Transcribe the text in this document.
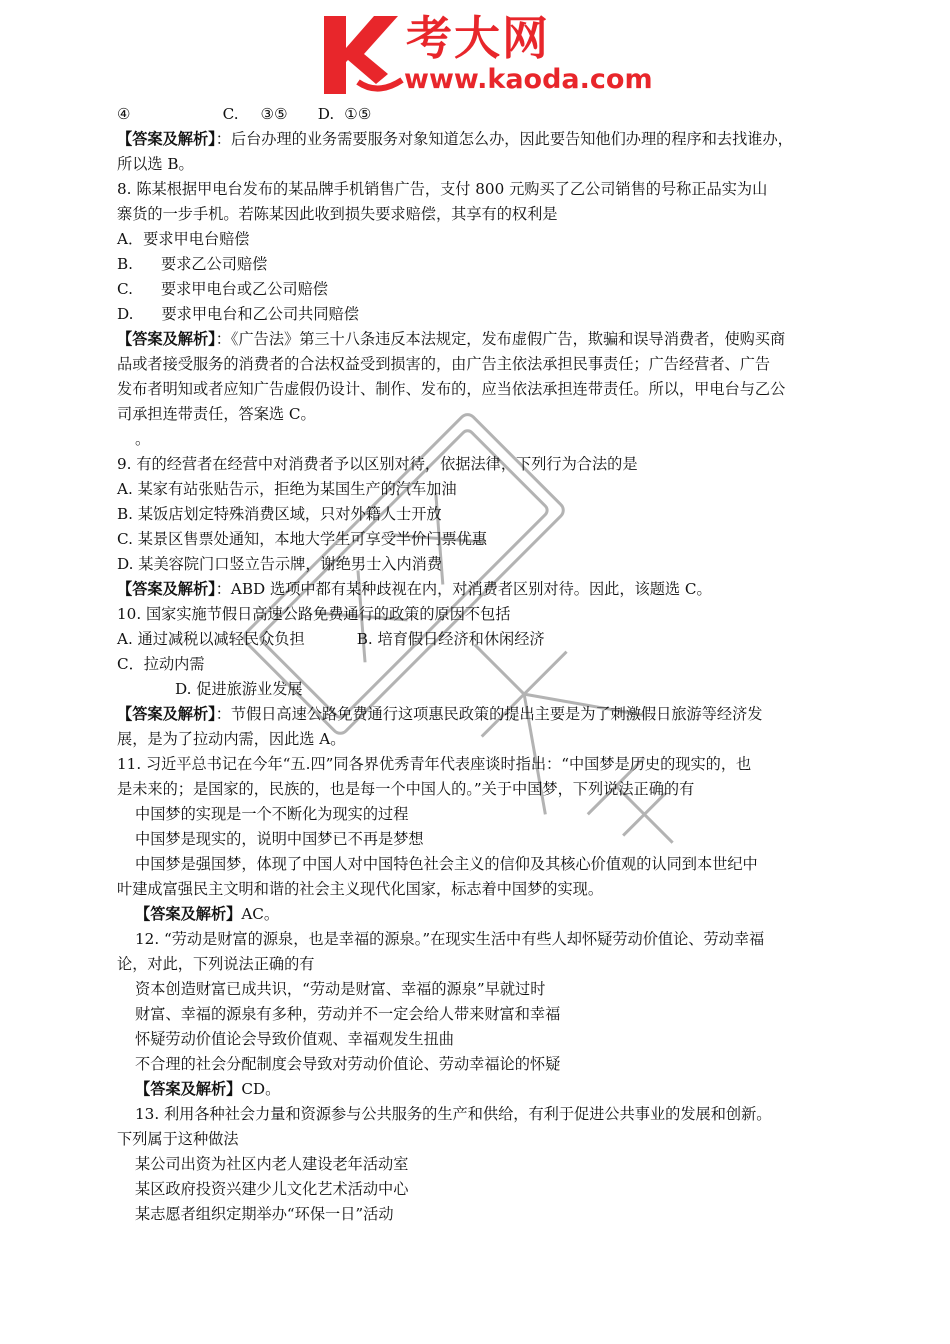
考大网
www.kaoda.com
④	C. ③⑤ D. ①⑤
【答案及解析】：后台办理的业务需要服务对象知道怎么办，因此要告知他们办理的程序和去找谁办，
所以选 B。
8. 陈某根据甲电台发布的某品牌手机销售广告，支付 800 元购买了乙公司销售的号称正品实为山
寨货的一步手机。若陈某因此收到损失要求赔偿，其享有的权利是
A．要求甲电台赔偿
B. 要求乙公司赔偿
C. 要求甲电台或乙公司赔偿
D. 要求甲电台和乙公司共同赔偿
【答案及解析】：《广告法》第三十八条违反本法规定，发布虚假广告，欺骗和误导消费者，使购买商
品或者接受服务的消费者的合法权益受到损害的，由广告主依法承担民事责任；广告经营者、广告
发布者明知或者应知广告虚假仍设计、制作、发布的，应当依法承担连带责任。所以，甲电台与乙公
司承担连带责任，答案选 C。
。
9. 有的经营者在经营中对消费者予以区别对待，依据法律，下列行为合法的是
A. 某家有站张贴告示，拒绝为某国生产的汽车加油
B. 某饭店划定特殊消费区域，只对外籍人士开放
C. 某景区售票处通知，本地大学生可享受半价门票优惠
D. 某美容院门口竖立告示牌，谢绝男士入内消费
【答案及解析】：ABD 选项中都有某种歧视在内，对消费者区别对待。因此，该题选 C。
10. 国家实施节假日高速公路免费通行的政策的原因不包括
A. 通过减税以减轻民众负担	B. 培育假日经济和休闲经济
C．拉动内需
D. 促进旅游业发展
【答案及解析】：节假日高速公路免费通行这项惠民政策的提出主要是为了刺激假日旅游等经济发
展，是为了拉动内需，因此选 A。
11. 习近平总书记在今年“五.四”同各界优秀青年代表座谈时指出：“中国梦是历史的现实的，也
是未来的；是国家的，民族的，也是每一个中国人的。”关于中国梦，下列说法正确的有
中国梦的实现是一个不断化为现实的过程
中国梦是现实的，说明中国梦已不再是梦想
中国梦是强国梦，体现了中国人对中国特色社会主义的信仰及其核心价值观的认同到本世纪中
叶建成富强民主文明和谐的社会主义现代化国家，标志着中国梦的实现。
【答案及解析】AC。
12. “劳动是财富的源泉，也是幸福的源泉。”在现实生活中有些人却怀疑劳动价值论、劳动幸福
论，对此，下列说法正确的有
资本创造财富已成共识，“劳动是财富、幸福的源泉”早就过时
财富、幸福的源泉有多种，劳动并不一定会给人带来财富和幸福
怀疑劳动价值论会导致价值观、幸福观发生扭曲
不合理的社会分配制度会导致对劳动价值论、劳动幸福论的怀疑
【答案及解析】CD。
13. 利用各种社会力量和资源参与公共服务的生产和供给，有利于促进公共事业的发展和创新。
下列属于这种做法
某公司出资为社区内老人建设老年活动室
某区政府投资兴建少儿文化艺术活动中心
某志愿者组织定期举办“环保一日”活动
